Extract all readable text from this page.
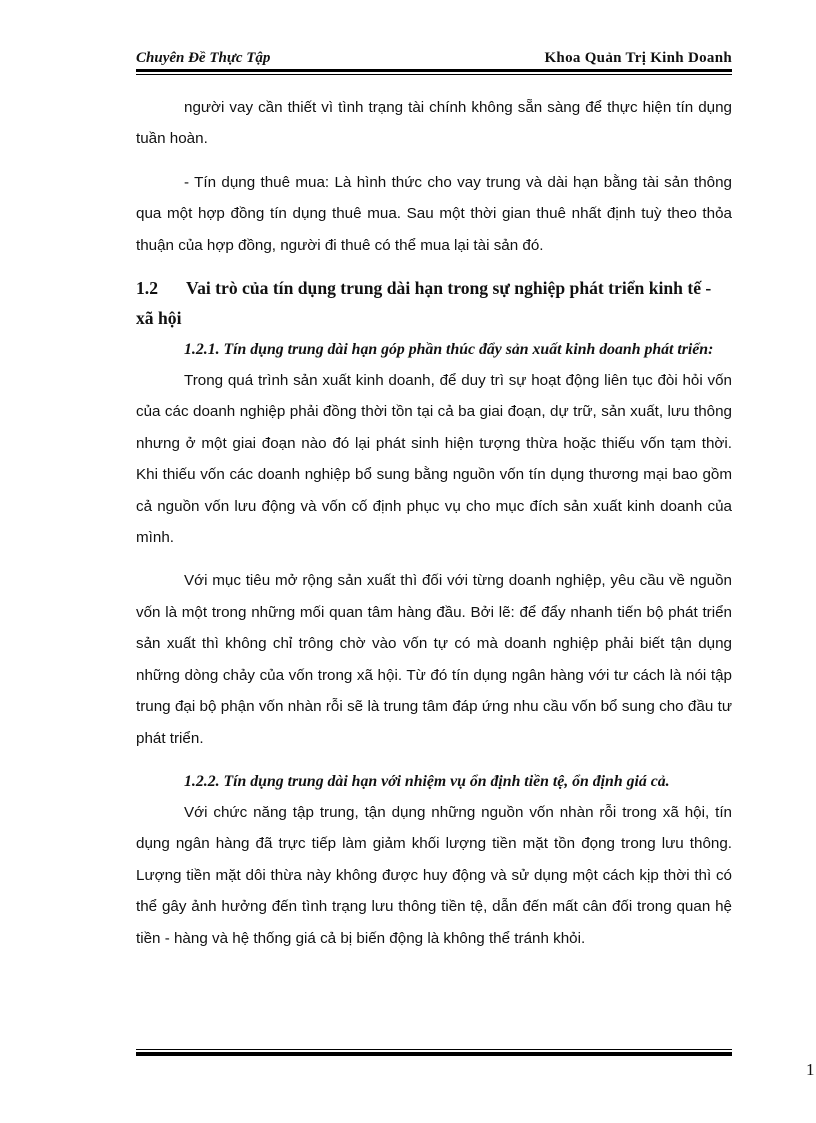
Chuyên Đề Thực Tập	Khoa Quản Trị Kinh Doanh

người vay cần thiết vì tình trạng tài chính không sẵn sàng để thực hiện tín dụng tuần hoàn.

- Tín dụng thuê mua: Là hình thức cho vay trung và dài hạn bằng tài sản thông qua một hợp đồng tín dụng thuê mua. Sau một thời gian thuê nhất định tuỳ theo thỏa thuận của hợp đồng, người đi thuê có thể mua lại tài sản đó.

1.2 Vai trò của tín dụng trung dài hạn trong sự nghiệp phát triển kinh tế - xã hội
1.2.1. Tín dụng trung dài hạn góp phần thúc đẩy sản xuất kinh doanh phát triển:

Trong quá trình sản xuất kinh doanh, để duy trì sự hoạt động liên tục đòi hỏi vốn của các doanh nghiệp phải đồng thời tồn tại cả ba giai đoạn, dự trữ, sản xuất, lưu thông nhưng ở một giai đoạn nào đó lại phát sinh hiện tượng thừa hoặc thiếu vốn tạm thời. Khi thiếu vốn các doanh nghiệp bổ sung bằng nguồn vốn tín dụng thương mại bao gồm cả nguồn vốn lưu động và vốn cố định phục vụ cho mục đích sản xuất kinh doanh của mình.

Với mục tiêu mở rộng sản xuất thì đối với từng doanh nghiệp, yêu cầu về nguồn vốn là một trong những mối quan tâm hàng đầu. Bởi lẽ: để đẩy nhanh tiến bộ phát triển sản xuất thì không chỉ trông chờ vào vốn tự có mà doanh nghiệp phải biết tận dụng những dòng chảy của vốn trong xã hội. Từ đó tín dụng ngân hàng với tư cách là nói tập trung đại bộ phận vốn nhàn rỗi sẽ là trung tâm đáp ứng nhu cầu vốn bổ sung cho đầu tư phát triển.

1.2.2. Tín dụng trung dài hạn với nhiệm vụ ổn định tiền tệ, ổn định giá cả.

Với chức năng tập trung, tận dụng những nguồn vốn nhàn rỗi trong xã hội, tín dụng ngân hàng đã trực tiếp làm giảm khối lượng tiền mặt tồn đọng trong lưu thông. Lượng tiền mặt dôi thừa này không được huy động và sử dụng một cách kịp thời thì có thể gây ảnh hưởng đến tình trạng lưu thông tiền tệ, dẫn đến mất cân đối trong quan hệ tiền - hàng và hệ thống giá cả bị biến động là không thể tránh khỏi.

1
